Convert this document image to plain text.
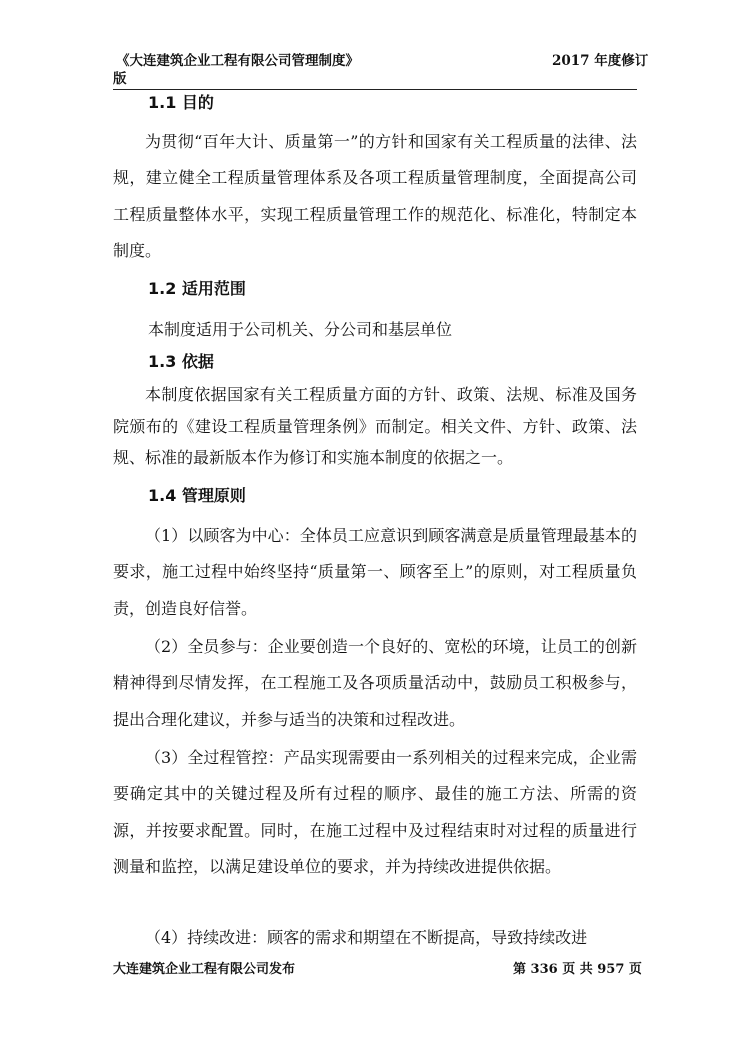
《大连建筑企业工程有限公司管理制度》	2017 年度修订
版
1.1 目的
为贯彻“百年大计、质量第一”的方针和国家有关工程质量的法律、法规，建立健全工程质量管理体系及各项工程质量管理制度，全面提高公司工程质量整体水平，实现工程质量管理工作的规范化、标准化，特制定本制度。
1.2 适用范围
本制度适用于公司机关、分公司和基层单位
1.3 依据
本制度依据国家有关工程质量方面的方针、政策、法规、标准及国务院颁布的《建设工程质量管理条例》而制定。相关文件、方针、政策、法规、标准的最新版本作为修订和实施本制度的依据之一。
1.4 管理原则
（1）以顾客为中心：全体员工应意识到顾客满意是质量管理最基本的要求，施工过程中始终坚持“质量第一、顾客至上”的原则，对工程质量负责，创造良好信誉。
（2）全员参与：企业要创造一个良好的、宽松的环境，让员工的创新精神得到尽情发挥，在工程施工及各项质量活动中，鼓励员工积极参与，提出合理化建议，并参与适当的决策和过程改进。
（3）全过程管控：产品实现需要由一系列相关的过程来完成，企业需要确定其中的关键过程及所有过程的顺序、最佳的施工方法、所需的资源，并按要求配置。同时，在施工过程中及过程结束时对过程的质量进行测量和监控，以满足建设单位的要求，并为持续改进提供依据。
（4）持续改进：顾客的需求和期望在不断提高，导致持续改进
大连建筑企业工程有限公司发布	第 336 页 共 957 页
